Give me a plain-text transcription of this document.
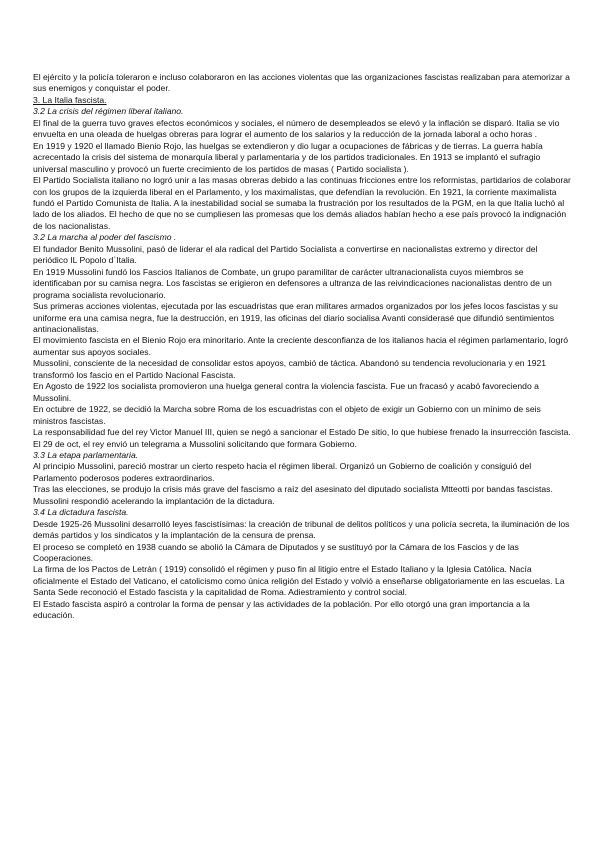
El ejército y la policía toleraron e incluso colaboraron en las acciones violentas que las organizaciones fascistas realizaban para atemorizar a sus enemigos y conquistar el poder.

3. La Italia fascista.

3.2 La crisis del régimen liberal italiano.

El final de la guerra tuvo graves efectos económicos y sociales, el número de desempleados se elevó y la inflación se disparó. Italia se vio envuelta en una oleada de huelgas obreras para lograr el aumento de los salarios y la reducción de la jornada laboral a ocho horas .

En 1919 y 1920 el llamado Bienio Rojo, las huelgas se extendieron y dio lugar a ocupaciones de fábricas y de tierras. La guerra había acrecentado la crisis del sistema de monarquía liberal y parlamentaria y de los partidos tradicionales. En 1913 se implantó el sufragio universal masculino y provocó un fuerte crecimiento de los partidos de masas ( Partido socialista ).

El Partido Socialista italiano no logró unir a las masas obreras debido a las continuas fricciones entre los reformistas, partidarios de colaborar con los grupos de la izquierda liberal en el Parlamento, y los maximalistas, que defendían la revolución. En 1921, la corriente maximalista fundó el Partido Comunista de Italia. A la inestabilidad social se sumaba la frustración por los resultados de la PGM, en la que Italia luchó al lado de los aliados. El hecho de que no se cumpliesen las promesas que los demás aliados habían hecho a ese país provocó la indignación de los nacionalistas.

3.2 La marcha al poder del fascismo .

El fundador Benito Mussolini, pasó de liderar el ala radical del Partido Socialista a convertirse en nacionalistas extremo y director del periódico IL Popolo d`Italia.

En 1919 Mussolini fundó los Fascios Italianos de Combate, un grupo paramilitar de carácter ultranacionalista cuyos miembros se identificaban por su camisa negra. Los fascistas se erigieron en defensores a ultranza de las reivindicaciones nacionalistas dentro de un programa socialista revolucionario.

Sus primeras acciones violentas, ejecutada por las escuadristas que eran militares armados organizados por los jefes locos fascistas y su uniforme era una camisa negra, fue la destrucción, en 1919, las oficinas del diario socialisa Avanti considerasé que difundió sentimientos antinacionalistas.

El movimiento fascista en el Bienio Rojo era minoritario. Ante la creciente desconfianza de los italianos hacia el régimen parlamentario, logró aumentar sus apoyos sociales.

Mussolini, consciente de la necesidad de consolidar estos apoyos, cambió de táctica. Abandonó su tendencia revolucionaria y en 1921 transformó los fascio en el Partido Nacional Fascista.

En Agosto de 1922 los socialista promovieron una huelga general contra la violencia fascista. Fue un fracasó y acabó favoreciendo a Mussolini.

En octubre de 1922, se decidió la Marcha sobre Roma de los escuadristas con el objeto de exigir un Gobierno con un mínimo de seis ministros fascistas.

La responsabilidad fue del rey Victor Manuel III, quien se negó a sancionar el Estado De sitio, lo que hubiese frenado la insurrección fascista. El 29 de oct, el rey envió un telegrama a Mussolini solicitando que formara Gobierno.

3.3 La etapa parlamentaria.

Al principio Mussolini, pareció mostrar un cierto respeto hacia el régimen liberal. Organizó un Gobierno de coalición y consiguió del Parlamento poderosos poderes extraordinarios.

Tras las elecciones, se produjo la crisis más grave del fascismo a raíz del asesinato del diputado socialista Mtteotti por bandas fascistas. Mussolini respondió acelerando la implantación de la dictadura.

3.4 La dictadura fascista.

Desde 1925-26 Mussolini desarrolló leyes fascistísimas: la creación de tribunal de delitos políticos y una policía secreta, la iluminación de los demás partidos y los sindicatos y la implantación de la censura de prensa.

El proceso se completó en 1938 cuando se abolió la Cámara de Diputados y se sustituyó por la Cámara de los Fascios y de las Cooperaciones.

La firma de los Pactos de Letrán ( 1919) consolidó el régimen y puso fin al litigio entre el Estado Italiano y la Iglesia Católica. Nacía oficialmente el Estado del Vaticano, el catolicismo como única religión del Estado y volvió a enseñarse obligatoriamente en las escuelas. La Santa Sede reconoció el Estado fascista y la capitalidad de Roma. Adiestramiento y control social.

El Estado fascista aspiró a controlar la forma de pensar y las actividades de la población. Por ello otorgó una gran importancia a la educación.
